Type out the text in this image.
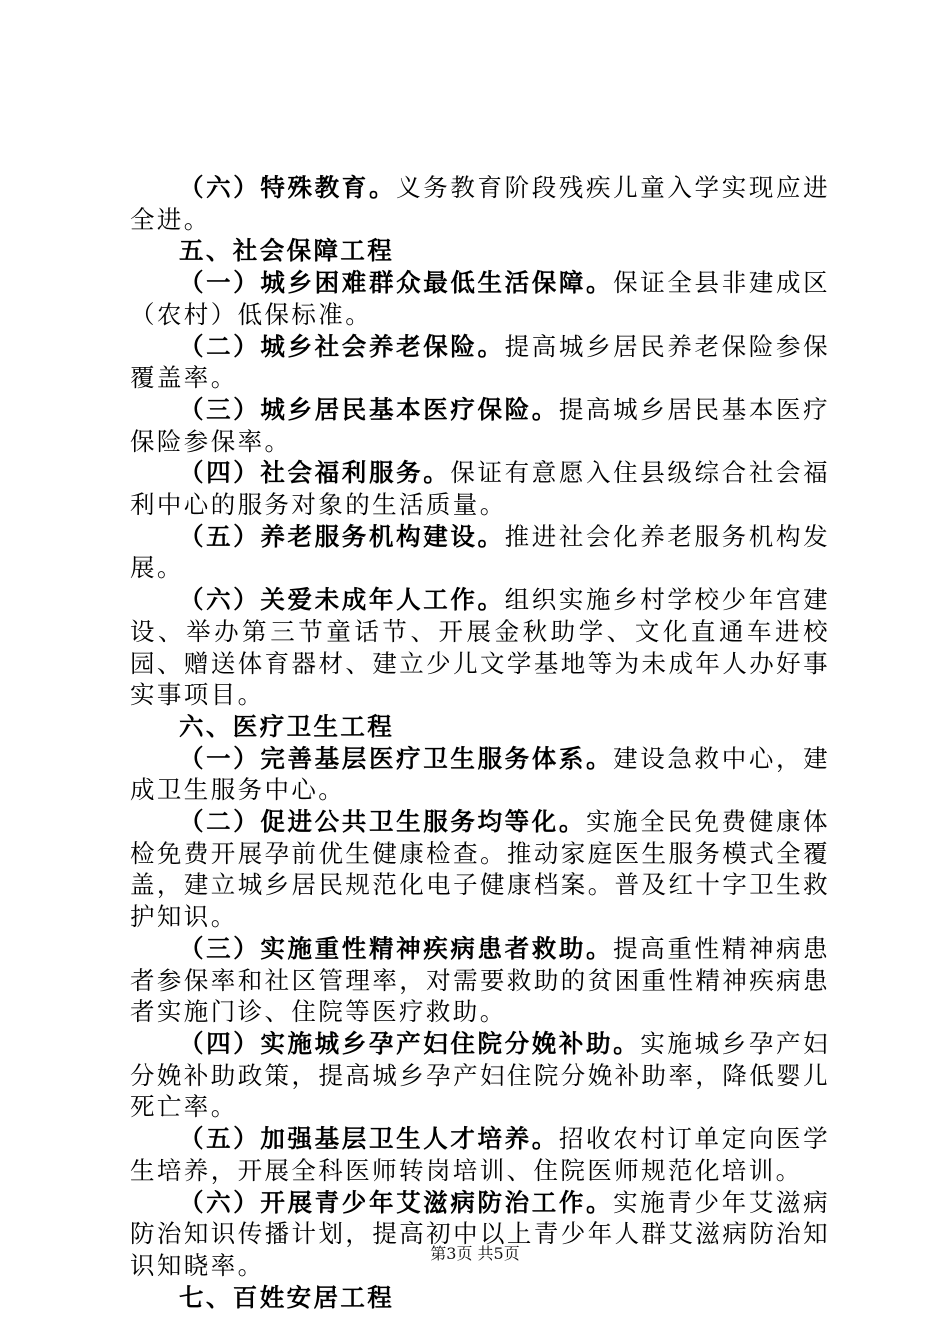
（六）特殊教育。义务教育阶段残疾儿童入学实现应进全进。

五、社会保障工程

（一）城乡困难群众最低生活保障。保证全县非建成区（农村）低保标准。

（二）城乡社会养老保险。提高城乡居民养老保险参保覆盖率。

（三）城乡居民基本医疗保险。提高城乡居民基本医疗保险参保率。

（四）社会福利服务。保证有意愿入住县级综合社会福利中心的服务对象的生活质量。

（五）养老服务机构建设。推进社会化养老服务机构发展。

（六）关爱未成年人工作。组织实施乡村学校少年宫建设、举办第三节童话节、开展金秋助学、文化直通车进校园、赠送体育器材、建立少儿文学基地等为未成年人办好事实事项目。

六、医疗卫生工程

（一）完善基层医疗卫生服务体系。建设急救中心，建成卫生服务中心。

（二）促进公共卫生服务均等化。实施全民免费健康体检免费开展孕前优生健康检查。推动家庭医生服务模式全覆盖，建立城乡居民规范化电子健康档案。普及红十字卫生救护知识。

（三）实施重性精神疾病患者救助。提高重性精神病患者参保率和社区管理率，对需要救助的贫困重性精神疾病患者实施门诊、住院等医疗救助。

（四）实施城乡孕产妇住院分娩补助。实施城乡孕产妇分娩补助政策，提高城乡孕产妇住院分娩补助率，降低婴儿死亡率。

（五）加强基层卫生人才培养。招收农村订单定向医学生培养，开展全科医师转岗培训、住院医师规范化培训。

（六）开展青少年艾滋病防治工作。实施青少年艾滋病防治知识传播计划，提高初中以上青少年人群艾滋病防治知识知晓率。

七、百姓安居工程

第3页 共5页
